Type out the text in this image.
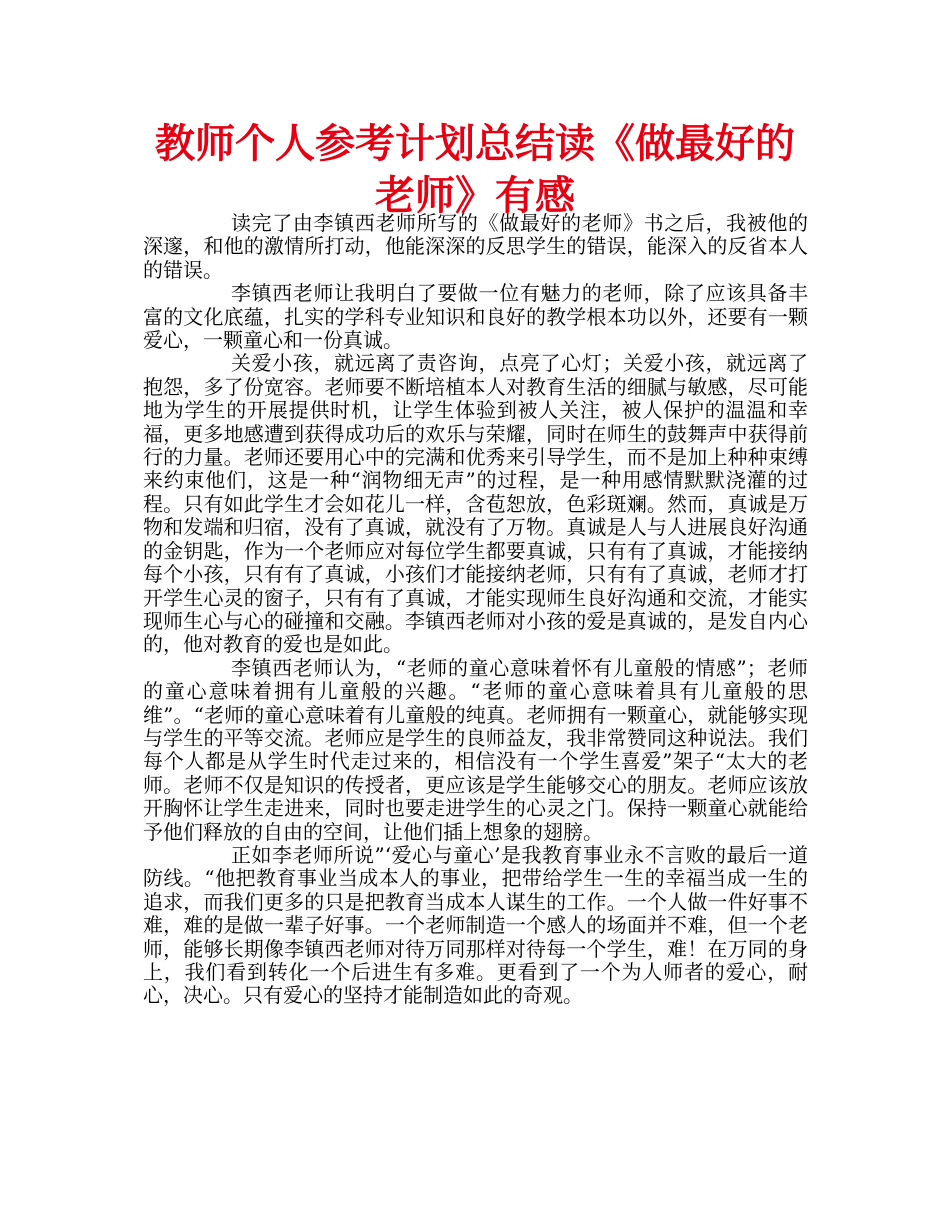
教师个人参考计划总结读《做最好的老师》有感

读完了由李镇西老师所写的《做最好的老师》书之后，我被他的深邃，和他的激情所打动，他能深深的反思学生的错误，能深入的反省本人的错误。

李镇西老师让我明白了要做一位有魅力的老师，除了应该具备丰富的文化底蕴，扎实的学科专业知识和良好的教学根本功以外，还要有一颗爱心，一颗童心和一份真诚。

关爱小孩，就远离了责咨询，点亮了心灯；关爱小孩，就远离了抱怨，多了份宽容。老师要不断培植本人对教育生活的细腻与敏感，尽可能地为学生的开展提供时机，让学生体验到被人关注，被人保护的温温和幸福，更多地感遭到获得成功后的欢乐与荣耀，同时在师生的鼓舞声中获得前行的力量。老师还要用心中的完满和优秀来引导学生，而不是加上种种束缚来约束他们，这是一种“润物细无声”的过程，是一种用感情默默浇灌的过程。只有如此学生才会如花儿一样，含苞恕放，色彩斑斓。然而，真诚是万物和发端和归宿，没有了真诚，就没有了万物。真诚是人与人进展良好沟通的金钥匙，作为一个老师应对每位学生都要真诚，只有有了真诚，才能接纳每个小孩，只有有了真诚，小孩们才能接纳老师，只有有了真诚，老师才打开学生心灵的窗子，只有有了真诚，才能实现师生良好沟通和交流，才能实现师生心与心的碰撞和交融。李镇西老师对小孩的爱是真诚的，是发自内心的，他对教育的爱也是如此。

李镇西老师认为，“老师的童心意味着怀有儿童般的情感”；老师的童心意味着拥有儿童般的兴趣。“老师的童心意味着具有儿童般的思维”。“老师的童心意味着有儿童般的纯真。老师拥有一颗童心，就能够实现与学生的平等交流。老师应是学生的良师益友，我非常赞同这种说法。我们每个人都是从学生时代走过来的，相信没有一个学生喜爱”架子“太大的老师。老师不仅是知识的传授者，更应该是学生能够交心的朋友。老师应该放开胸怀让学生走进来，同时也要走进学生的心灵之门。保持一颗童心就能给予他们释放的自由的空间，让他们插上想象的翅膀。

正如李老师所说”‘爱心与童心’是我教育事业永不言败的最后一道防线。“他把教育事业当成本人的事业，把带给学生一生的幸福当成一生的追求，而我们更多的只是把教育当成本人谋生的工作。一个人做一件好事不难，难的是做一辈子好事。一个老师制造一个感人的场面并不难，但一个老师，能够长期像李镇西老师对待万同那样对待每一个学生，难！在万同的身上，我们看到转化一个后进生有多难。更看到了一个为人师者的爱心，耐心，决心。只有爱心的坚持才能制造如此的奇观。
